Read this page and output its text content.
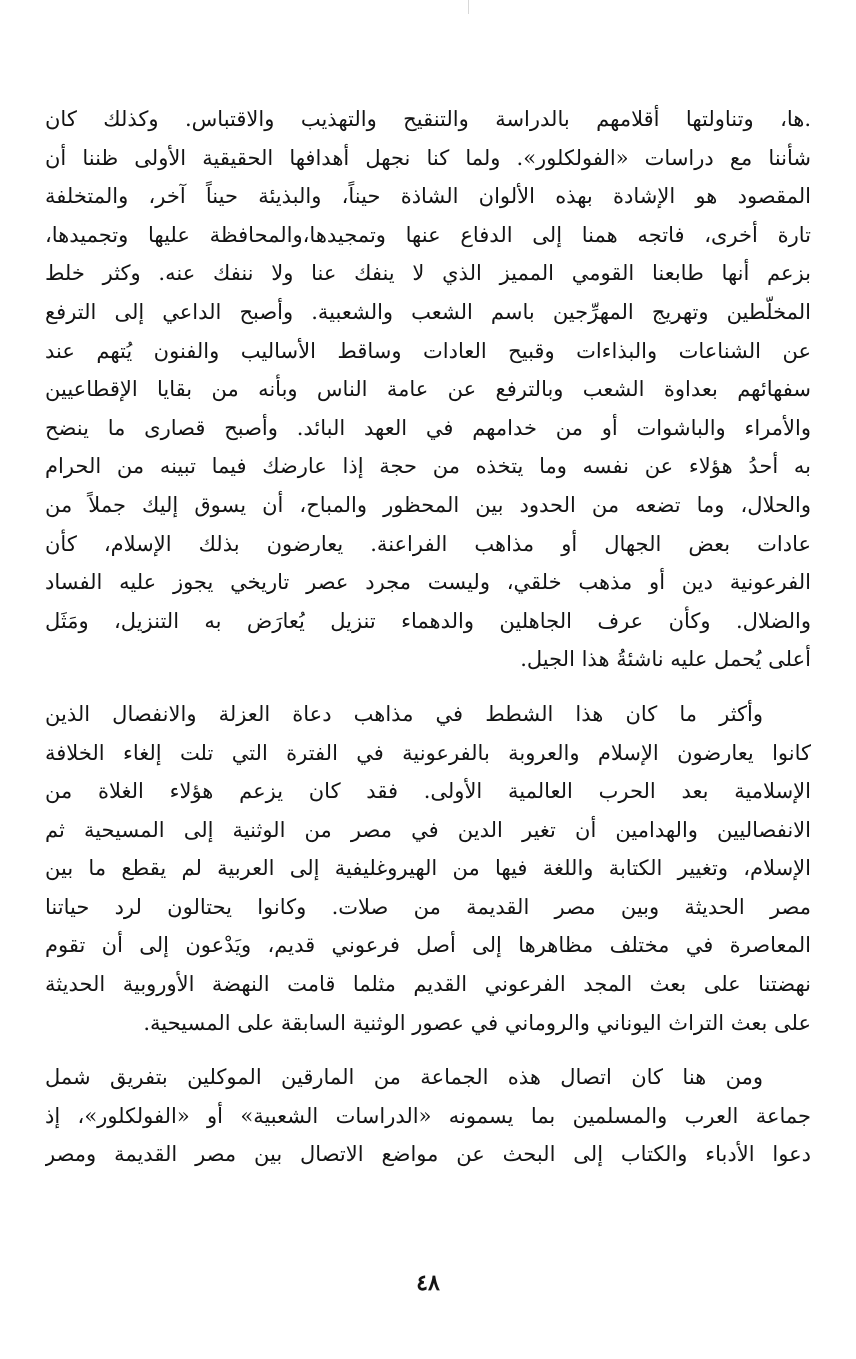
.ها، وتناولتها أقلامهم بالدراسة والتنقيح والتهذيب والاقتباس. وكذلك كان
شأننا مع دراسات «الفولكلور». ولما كنا نجهل أهدافها الحقيقية الأولى ظننا أن
المقصود هو الإشادة بهذه الألوان الشاذة حيناً، والبذيئة حيناً آخر، والمتخلفة
تارة أخرى، فاتجه همنا إلى الدفاع عنها وتمجيدها،والمحافظة عليها وتجميدها،
بزعم أنها طابعنا القومي المميز الذي لا ينفك عنا ولا ننفك عنه. وكثر خلط
المخلّطين وتهريج المهرِّجين باسم الشعب والشعبية. وأصبح الداعي إلى الترفع
عن الشناعات والبذاءات وقبيح العادات وساقط الأساليب والفنون يُتهم عند
سفهائهم بعداوة الشعب وبالترفع عن عامة الناس وبأنه من بقايا الإقطاعيين
والأمراء والباشوات أو من خدامهم في العهد البائد. وأصبح قصارى ما ينضح
به أحدُ هؤلاء عن نفسه وما يتخذه من حجة إذا عارضك فيما تبينه من الحرام
والحلال، وما تضعه من الحدود بين المحظور والمباح، أن يسوق إليك جملاً من
عادات بعض الجهال أو مذاهب الفراعنة. يعارضون بذلك الإسلام، كأن
الفرعونية دين أو مذهب خلقي، وليست مجرد عصر تاريخي يجوز عليه الفساد
والضلال. وكأن عرف الجاهلين والدهماء تنزيل يُعارَض به التنزيل، ومَثَل
أعلى يُحمل عليه ناشئةُ هذا الجيل.
وأكثر ما كان هذا الشطط في مذاهب دعاة العزلة والانفصال الذين
كانوا يعارضون الإسلام والعروبة بالفرعونية في الفترة التي تلت إلغاء الخلافة
الإسلامية بعد الحرب العالمية الأولى. فقد كان يزعم هؤلاء الغلاة من
الانفصاليين والهدامين أن تغير الدين في مصر من الوثنية إلى المسيحية ثم
الإسلام، وتغيير الكتابة واللغة فيها من الهيروغليفية إلى العربية لم يقطع ما بين
مصر الحديثة وبين مصر القديمة من صلات. وكانوا يحتالون لرد حياتنا
المعاصرة في مختلف مظاهرها إلى أصل فرعوني قديم، ويَدْعون إلى أن تقوم
نهضتنا على بعث المجد الفرعوني القديم مثلما قامت النهضة الأوروبية الحديثة
على بعث التراث اليوناني والروماني في عصور الوثنية السابقة على المسيحية.
ومن هنا كان اتصال هذه الجماعة من المارقين الموكلين بتفريق شمل
جماعة العرب والمسلمين بما يسمونه «الدراسات الشعبية» أو «الفولكلور»، إذ
دعوا الأدباء والكتاب إلى البحث عن مواضع الاتصال بين مصر القديمة ومصر
٤٨
